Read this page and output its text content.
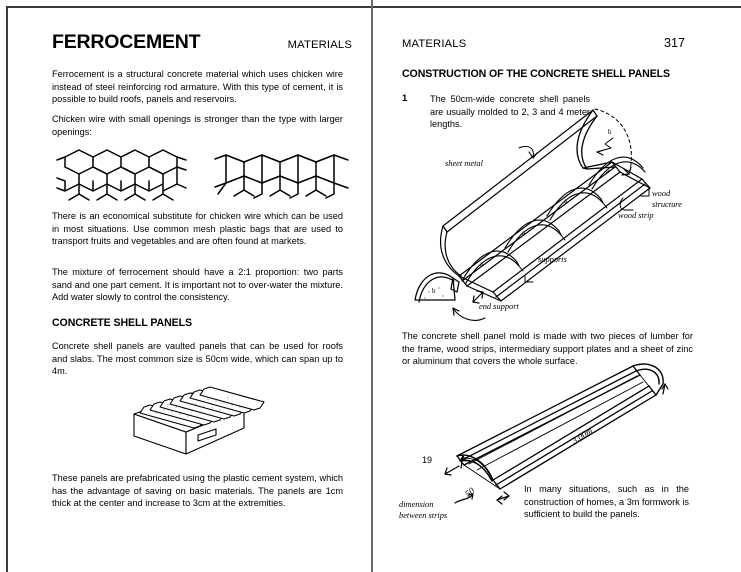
FERROCEMENT	MATERIALS
Ferrocement is a structural concrete material which uses chicken wire instead of steel reinforcing rod armature. With this type of cement, it is possible to build roofs, panels and reservoirs.
Chicken wire with small openings is stronger than the type with larger openings:
There is an economical substitute for chicken wire which can be used in most situations. Use common mesh plastic bags that are used to transport fruits and vegetables and are often found at markets.
The mixture of ferrocement should have a 2:1 proportion: two parts sand and one part cement. It is important not to over-water the mixture. Add water slowly to control the consistency.
CONCRETE SHELL PANELS
Concrete shell panels are vaulted panels that can be used for roofs and slabs. The most common size is 50cm wide, which can span up to 4m.
These panels are prefabricated using the plastic cement system, which has the advantage of saving on basic materials. The panels are 1cm thick at the center and increase to 3cm at the extremities.
MATERIALS	317
CONSTRUCTION OF THE CONCRETE SHELL PANELS
1 The 50cm-wide concrete shell panels are usually molded to 2, 3 and 4 meter lengths.
sheet metal
wood
structure
wood strip
supports
end support
a
a
a
a
b
b
The concrete shell panel mold is made with two pieces of lumber for the frame, wood strips, intermediary support plates and a sheet of zinc or aluminum that covers the whole surface.
19
50
3.00m
dimension
between strips
In many situations, such as in the construction of homes, a 3m formwork is sufficient to build the panels.
